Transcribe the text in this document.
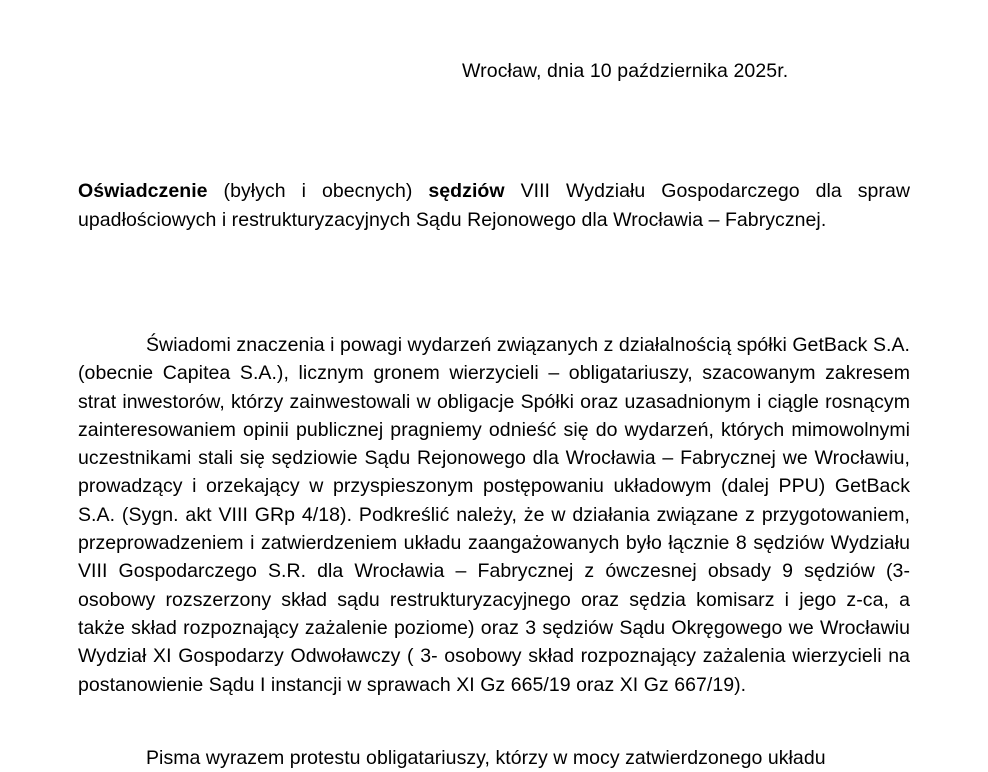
Wrocław, dnia 10 października 2025r.
Oświadczenie (byłych i obecnych) sędziów VIII Wydziału Gospodarczego dla spraw
upadłościowych i restrukturyzacyjnych Sądu Rejonowego dla Wrocławia – Fabrycznej.
Świadomi znaczenia i powagi wydarzeń związanych z działalnością spółki GetBack S.A. (obecnie Capitea S.A.), licznym gronem wierzycieli – obligatariuszy, szacowanym zakresem strat inwestorów, którzy zainwestowali w obligacje Spółki oraz uzasadnionym i ciągle rosnącym zainteresowaniem opinii publicznej pragniemy odnieść się do wydarzeń, których mimowolnymi uczestnikami stali się sędziowie Sądu Rejonowego dla Wrocławia – Fabrycznej we Wrocławiu, prowadzący i orzekający w przyspieszonym postępowaniu układowym (dalej PPU) GetBack S.A. (Sygn. akt VIII GRp 4/18). Podkreślić należy, że w działania związane z przygotowaniem, przeprowadzeniem i zatwierdzeniem układu zaangażowanych było łącznie 8 sędziów Wydziału VIII Gospodarczego S.R. dla Wrocławia – Fabrycznej z ówczesnej obsady 9 sędziów (3-osobowy rozszerzony skład sądu restrukturyzacyjnego oraz sędzia komisarz i jego z-ca, a także skład rozpoznający zażalenie poziome) oraz 3 sędziów Sądu Okręgowego we Wrocławiu Wydział XI Gospodarzy Odwoławczy ( 3- osobowy skład rozpoznający zażalenia wierzycieli na postanowienie Sądu I instancji w sprawach XI Gz 665/19 oraz XI Gz 667/19).
Pisma wyrazem protestu obligatariuszy, którzy w mocy zatwierdzonego układu
